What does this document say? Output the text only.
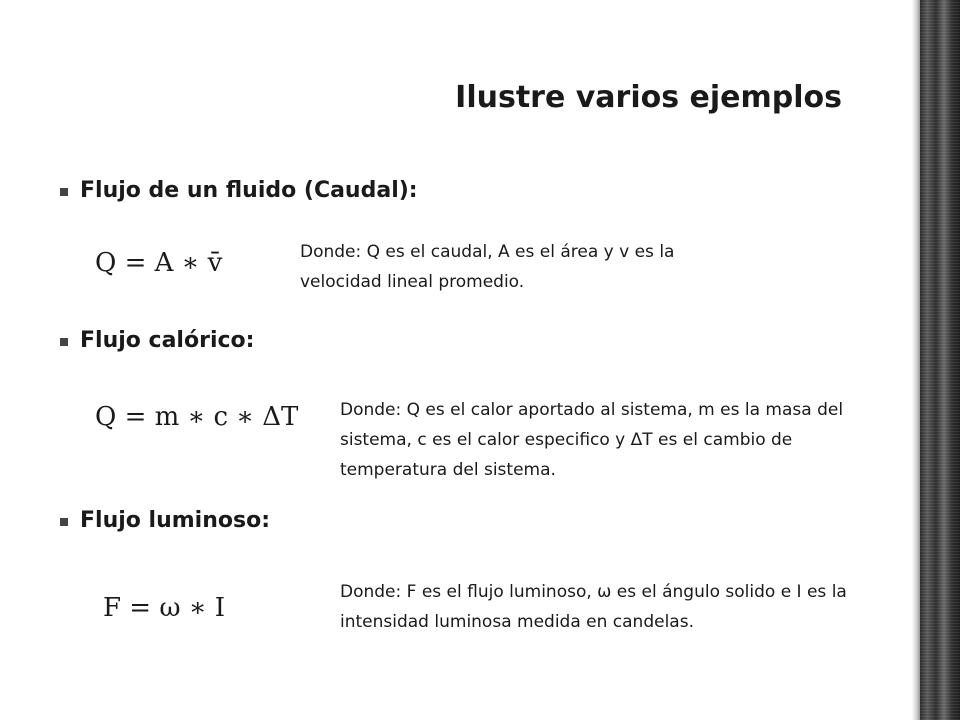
Ilustre varios ejemplos
Flujo de un fluido (Caudal):
Q = A ∗ v̄	Donde: Q es el caudal, A es el área y v es la velocidad lineal promedio.
Flujo calórico:
Q = m ∗ c ∗ ΔT Donde: Q es el calor aportado al sistema, m es la masa del sistema, c es el calor especifico y ΔT es el cambio de temperatura del sistema.
Flujo luminoso:
F = ω ∗ I
Donde: F es el flujo luminoso, ω es el ángulo solido e I es la intensidad luminosa medida en candelas.
